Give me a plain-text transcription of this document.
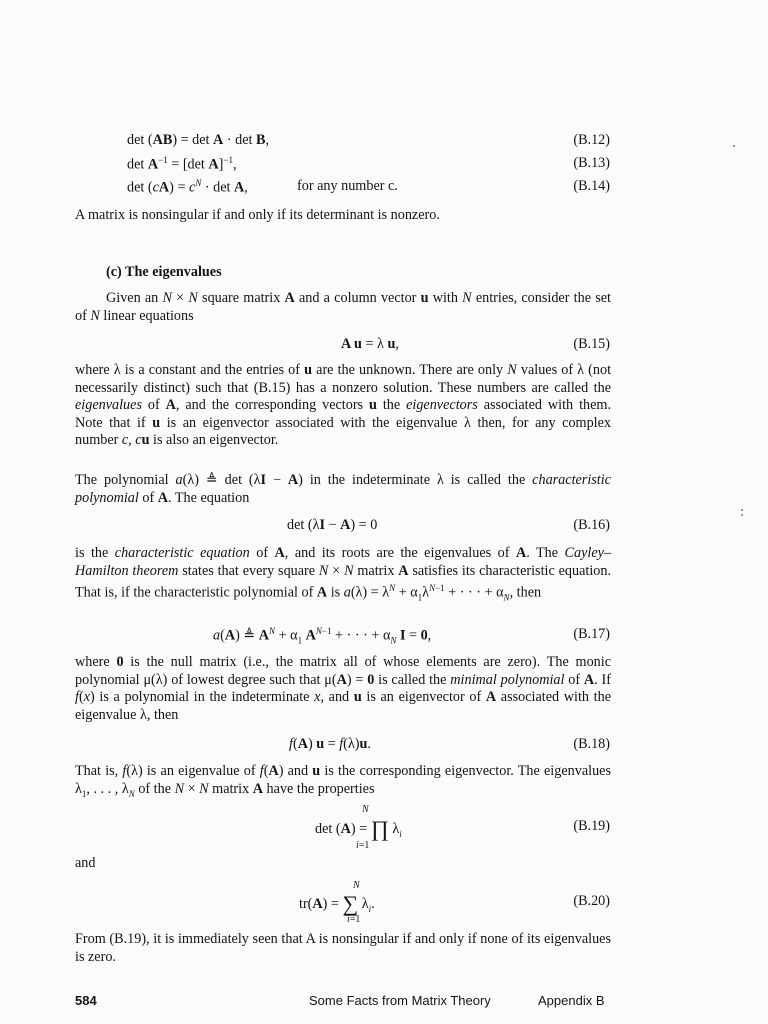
det (AB) = det A · det B,	(B.12)
$\det A^{-1} = [\det$ A]$^{-1}$,	(B.13)
$\det (cA) = c^N \cdot \det A$,	for any number c.	(B.14)
A matrix is nonsingular if and only if its determinant is nonzero.
(c) The eigenvalues
Given an N × N square matrix A and a column vector u with N entries, consider the set of N linear equations
A u = λ u,	(B.15)
where λ is a constant and the entries of u are the unknown. There are only N values of λ (not necessarily distinct) such that (B.15) has a nonzero solution. These numbers are called the eigenvalues of A, and the corresponding vectors u the eigenvectors associated with them. Note that if u is an eigenvector associated with the eigenvalue λ then, for any complex number c, cu is also an eigenvector.
The polynomial a(λ) ≜ det (λI − A) in the indeterminate λ is called the characteristic polynomial of A. The equation
det (λI − A) = 0	(B.16)
is the characteristic equation of A, and its roots are the eigenvalues of A. The Cayley–Hamilton theorem states that every square N × N matrix A satisfies its characteristic equation. That is, if the characteristic polynomial of A is $a(\lambda) = \lambda^N + \alpha_1\lambda^{N-1}$ + · · · + $\alpha_N$, then
a(A) ≜ $A^N + \alpha_1$ $A^{N-1}$ + · · · + $\alpha_N$ I = 0,	(B.17)
where 0 is the null matrix (i.e., the matrix all of whose elements are zero). The monic polynomial μ(λ) of lowest degree such that μ(A) = 0 is called the minimal polynomial of A. If f(x) is a polynomial in the indeterminate x, and u is an eigenvector of A associated with the eigenvalue λ, then
f(A) u = f(λ)u.	(B.18)
That is, f(λ) is an eigenvalue of f(A) and u is the corresponding eigenvector. The eigenvalues $\lambda_1$, . . . , $\lambda_N$ of the N × N matrix A have the properties
N
det (A) = ∏ $\lambda_i$
i=1
(B.19)
and
N
tr(A) = ∑ $\lambda_i$.
i=1
(B.20)
From (B.19), it is immediately seen that A is nonsingular if and only if none of its eigenvalues is zero.
584	Some Facts from Matrix Theory	Appendix B
